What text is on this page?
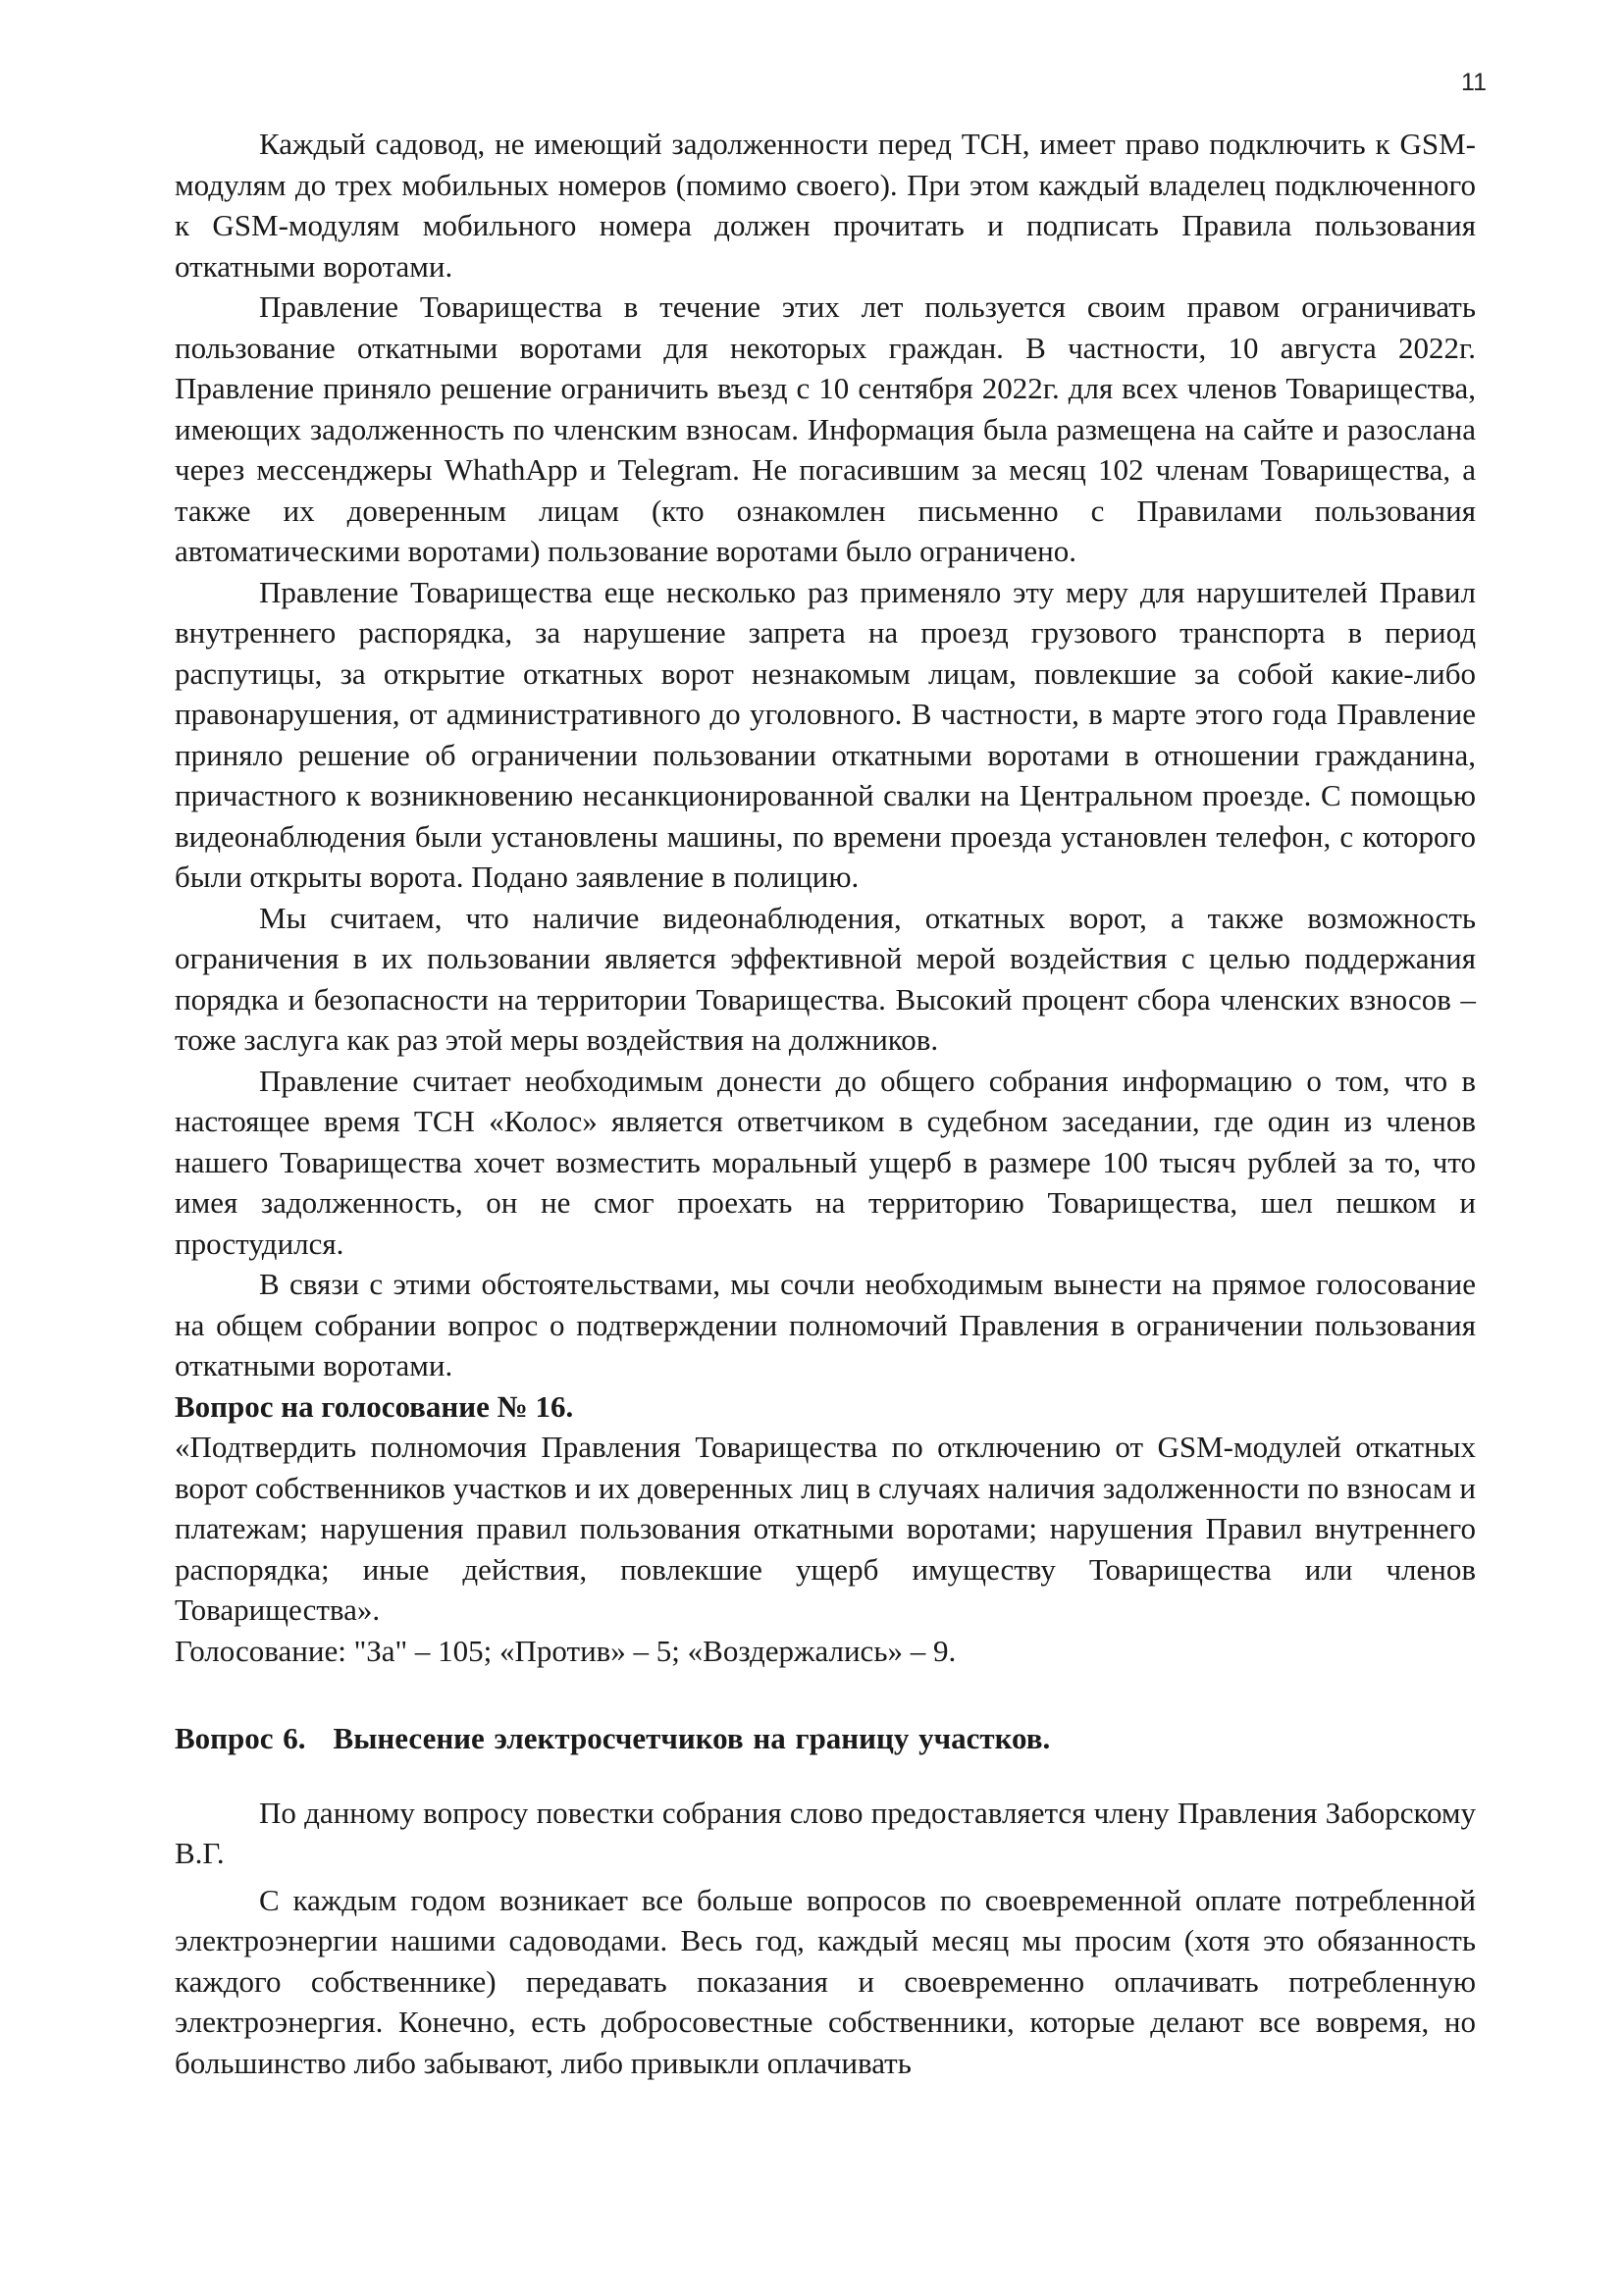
11

Каждый садовод, не имеющий задолженности перед ТСН, имеет право подключить к GSM-модулям до трех мобильных номеров (помимо своего). При этом каждый владелец подключенного к GSM-модулям мобильного номера должен прочитать и подписать Правила пользования откатными воротами.

Правление Товарищества в течение этих лет пользуется своим правом ограничивать пользование откатными воротами для некоторых граждан. В частности, 10 августа 2022г. Правление приняло решение ограничить въезд с 10 сентября 2022г. для всех членов Товарищества, имеющих задолженность по членским взносам. Информация была размещена на сайте и разослана через мессенджеры WhathApp и Telegram. Не погасившим за месяц 102 членам Товарищества, а также их доверенным лицам (кто ознакомлен письменно с Правилами пользования автоматическими воротами) пользование воротами было ограничено.

Правление Товарищества еще несколько раз применяло эту меру для нарушителей Правил внутреннего распорядка, за нарушение запрета на проезд грузового транспорта в период распутицы, за открытие откатных ворот незнакомым лицам, повлекшие за собой какие-либо правонарушения, от административного до уголовного. В частности, в марте этого года Правление приняло решение об ограничении пользовании откатными воротами в отношении гражданина, причастного к возникновению несанкционированной свалки на Центральном проезде. С помощью видеонаблюдения были установлены машины, по времени проезда установлен телефон, с которого были открыты ворота. Подано заявление в полицию.

Мы считаем, что наличие видеонаблюдения, откатных ворот, а также возможность ограничения в их пользовании является эффективной мерой воздействия с целью поддержания порядка и безопасности на территории Товарищества. Высокий процент сбора членских взносов – тоже заслуга как раз этой меры воздействия на должников.

Правление считает необходимым донести до общего собрания информацию о том, что в настоящее время ТСН «Колос» является ответчиком в судебном заседании, где один из членов нашего Товарищества хочет возместить моральный ущерб в размере 100 тысяч рублей за то, что имея задолженность, он не смог проехать на территорию Товарищества, шел пешком и простудился.

В связи с этими обстоятельствами, мы сочли необходимым вынести на прямое голосование на общем собрании вопрос о подтверждении полномочий Правления в ограничении пользования откатными воротами.

Вопрос на голосование № 16.

«Подтвердить полномочия Правления Товарищества по отключению от GSM-модулей откатных ворот собственников участков и их доверенных лиц в случаях наличия задолженности по взносам и платежам; нарушения правил пользования откатными воротами; нарушения Правил внутреннего распорядка; иные действия, повлекшие ущерб имуществу Товарищества или членов Товарищества».

Голосование: "За" – 105; «Против» – 5; «Воздержались» – 9.

Вопрос 6. Вынесение электросчетчиков на границу участков.

По данному вопросу повестки собрания слово предоставляется члену Правления Заборскому В.Г.

С каждым годом возникает все больше вопросов по своевременной оплате потребленной электроэнергии нашими садоводами. Весь год, каждый месяц мы просим (хотя это обязанность каждого собственнике) передавать показания и своевременно оплачивать потребленную электроэнергия. Конечно, есть добросовестные собственники, которые делают все вовремя, но большинство либо забывают, либо привыкли оплачивать
